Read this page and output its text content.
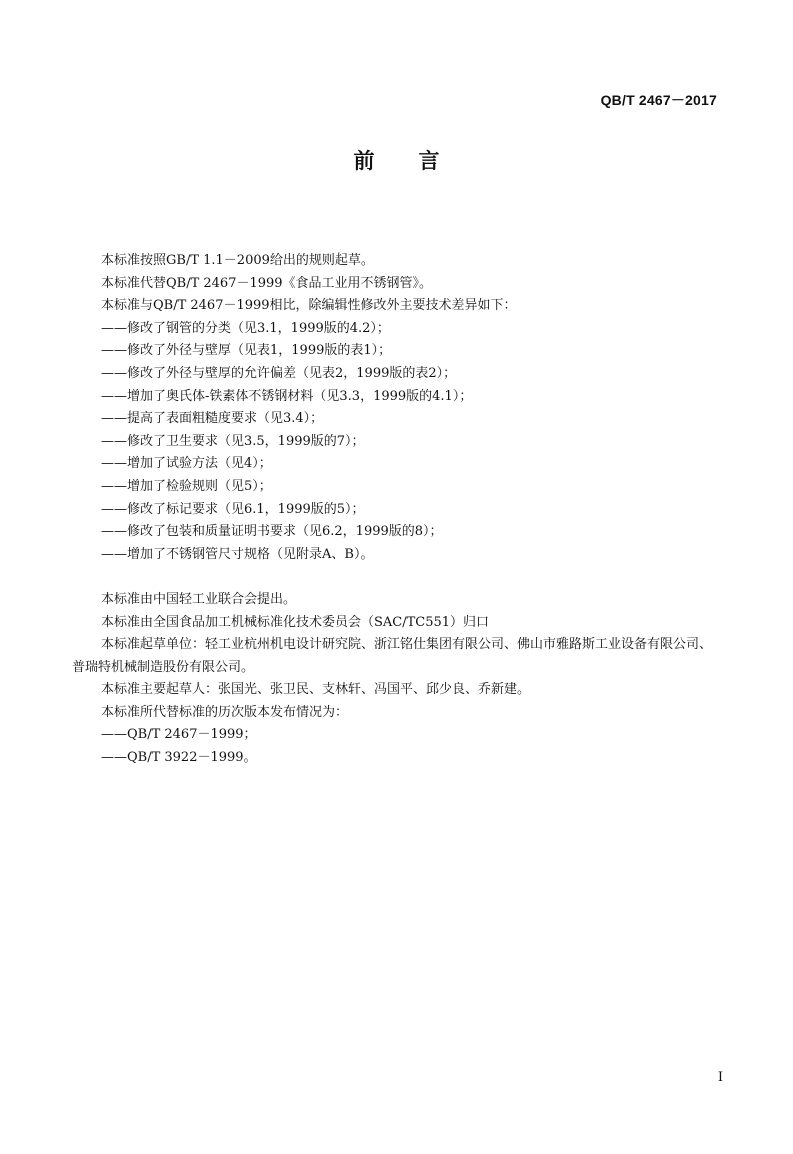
QB/T 2467－2017
前言

本标准按照GB/T 1.1－2009给出的规则起草。

本标准代替QB/T 2467－1999《食品工业用不锈钢管》。

本标准与QB/T 2467－1999相比，除编辑性修改外主要技术差异如下：

——修改了钢管的分类（见3.1，1999版的4.2）；

——修改了外径与壁厚（见表1，1999版的表1）；

——修改了外径与壁厚的允许偏差（见表2，1999版的表2）；

——增加了奥氏体-铁素体不锈钢材料（见3.3，1999版的4.1）；

——提高了表面粗糙度要求（见3.4）；

——修改了卫生要求（见3.5，1999版的7）；

——增加了试验方法（见4）；

——增加了检验规则（见5）；

——修改了标记要求（见6.1，1999版的5）；

——修改了包装和质量证明书要求（见6.2，1999版的8）；

——增加了不锈钢管尺寸规格（见附录A、B）。

本标准由中国轻工业联合会提出。

本标准由全国食品加工机械标准化技术委员会（SAC/TC551）归口

本标准起草单位：轻工业杭州机电设计研究院、浙江铭仕集团有限公司、佛山市雅路斯工业设备有限公司、普瑞特机械制造股份有限公司。

本标准主要起草人：张国光、张卫民、支林轩、冯国平、邱少良、乔新建。

本标准所代替标准的历次版本发布情况为：

——QB/T 2467－1999；

——QB/T 3922－1999。

I
